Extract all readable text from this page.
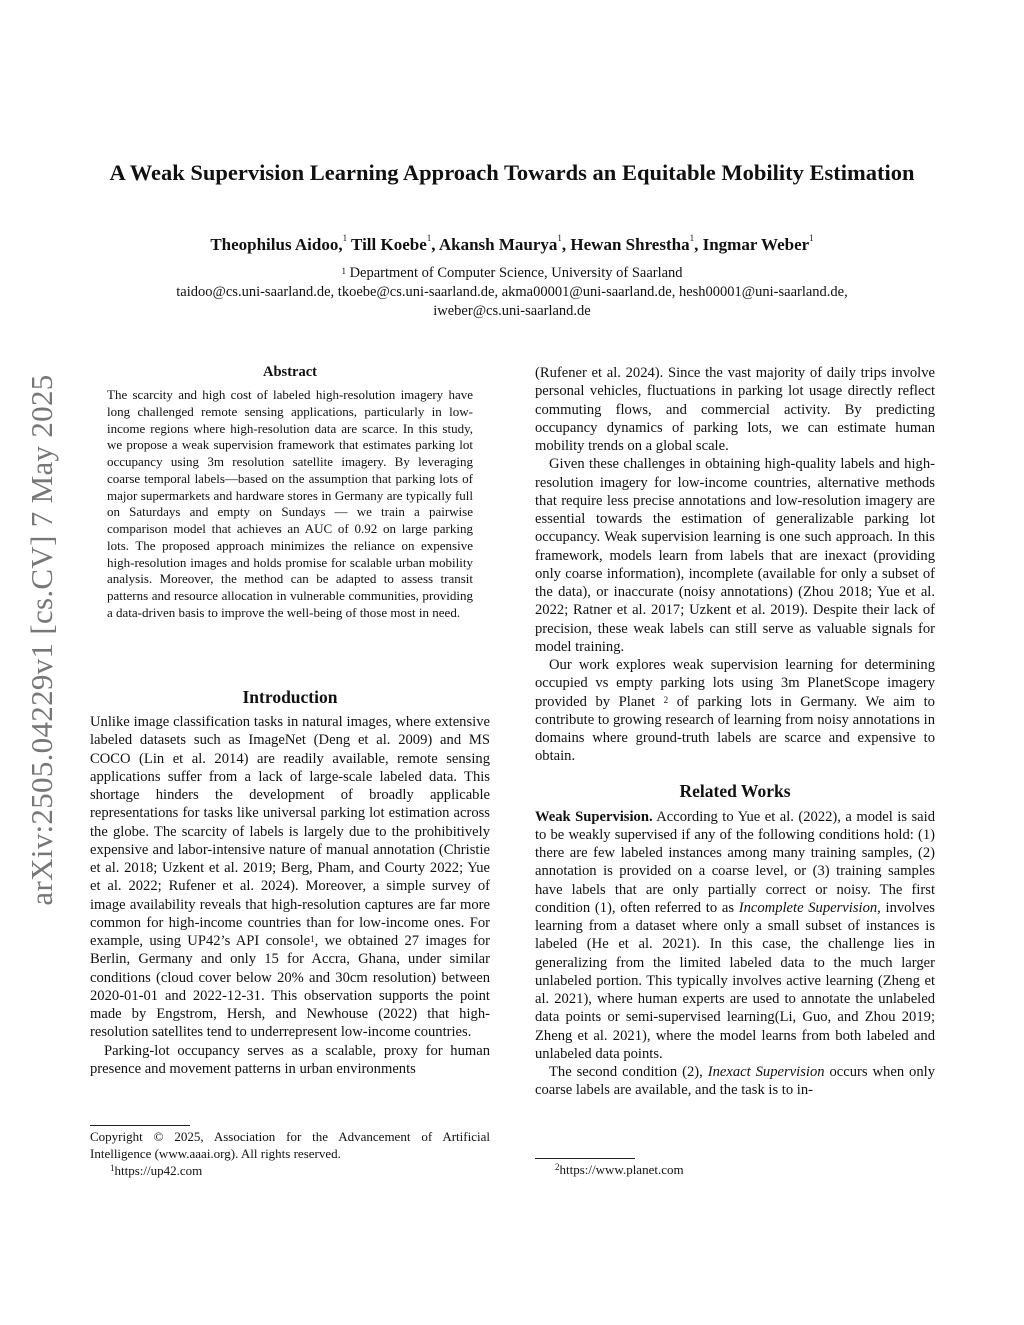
arXiv:2505.04229v1 [cs.CV] 7 May 2025
A Weak Supervision Learning Approach Towards an Equitable Mobility Estimation
Theophilus Aidoo,$^1$ Till Koebe$^1$, Akansh Maurya$^1$, Hewan Shrestha$^1$, Ingmar Weber$^1$
$^1$ Department of Computer Science, University of Saarland
taidoo@cs.uni-saarland.de, tkoebe@cs.uni-saarland.de, akma00001@uni-saarland.de, hesh00001@uni-saarland.de,
iweber@cs.uni-saarland.de
Abstract
The scarcity and high cost of labeled high-resolution imagery have long challenged remote sensing applications, particularly in low-income regions where high-resolution data are scarce. In this study, we propose a weak supervision framework that estimates parking lot occupancy using 3m resolution satellite imagery. By leveraging coarse temporal labels—based on the assumption that parking lots of major supermarkets and hardware stores in Germany are typically full on Saturdays and empty on Sundays — we train a pairwise comparison model that achieves an AUC of 0.92 on large parking lots. The proposed approach minimizes the reliance on expensive high-resolution images and holds promise for scalable urban mobility analysis. Moreover, the method can be adapted to assess transit patterns and resource allocation in vulnerable communities, providing a data-driven basis to improve the well-being of those most in need.
Introduction

Unlike image classification tasks in natural images, where extensive labeled datasets such as ImageNet (Deng et al. 2009) and MS COCO (Lin et al. 2014) are readily available, remote sensing applications suffer from a lack of large-scale labeled data. This shortage hinders the development of broadly applicable representations for tasks like universal parking lot estimation across the globe. The scarcity of labels is largely due to the prohibitively expensive and labor-intensive nature of manual annotation (Christie et al. 2018; Uzkent et al. 2019; Berg, Pham, and Courty 2022; Yue et al. 2022; Rufener et al. 2024). Moreover, a simple survey of image availability reveals that high-resolution captures are far more common for high-income countries than for low-income ones. For example, using UP42’s API console$^1$, we obtained 27 images for Berlin, Germany and only 15 for Accra, Ghana, under similar conditions (cloud cover below 20% and 30cm resolution) between 2020-01-01 and 2022-12-31. This observation supports the point made by Engstrom, Hersh, and Newhouse (2022) that high-resolution satellites tend to underrepresent low-income countries.

Parking-lot occupancy serves as a scalable, proxy for human presence and movement patterns in urban environments

Copyright © 2025, Association for the Advancement of Artificial Intelligence (www.aaai.org). All rights reserved.

$^1$https://up42.com

(Rufener et al. 2024). Since the vast majority of daily trips involve personal vehicles, fluctuations in parking lot usage directly reflect commuting flows, and commercial activity. By predicting occupancy dynamics of parking lots, we can estimate human mobility trends on a global scale.

Given these challenges in obtaining high-quality labels and high-resolution imagery for low-income countries, alternative methods that require less precise annotations and low-resolution imagery are essential towards the estimation of generalizable parking lot occupancy. Weak supervision learning is one such approach. In this framework, models learn from labels that are inexact (providing only coarse information), incomplete (available for only a subset of the data), or inaccurate (noisy annotations) (Zhou 2018; Yue et al. 2022; Ratner et al. 2017; Uzkent et al. 2019). Despite their lack of precision, these weak labels can still serve as valuable signals for model training.

Our work explores weak supervision learning for determining occupied vs empty parking lots using 3m PlanetScope imagery provided by Planet $^2$ of parking lots in Germany. We aim to contribute to growing research of learning from noisy annotations in domains where ground-truth labels are scarce and expensive to obtain.

Related Works

Weak Supervision. According to Yue et al. (2022), a model is said to be weakly supervised if any of the following conditions hold: (1) there are few labeled instances among many training samples, (2) annotation is provided on a coarse level, or (3) training samples have labels that are only partially correct or noisy. The first condition (1), often referred to as Incomplete Supervision, involves learning from a dataset where only a small subset of instances is labeled (He et al. 2021). In this case, the challenge lies in generalizing from the limited labeled data to the much larger unlabeled portion. This typically involves active learning (Zheng et al. 2021), where human experts are used to annotate the unlabeled data points or semi-supervised learning(Li, Guo, and Zhou 2019; Zheng et al. 2021), where the model learns from both labeled and unlabeled data points.

The second condition (2), Inexact Supervision occurs when only coarse labels are available, and the task is to in-

$^2$https://www.planet.com
